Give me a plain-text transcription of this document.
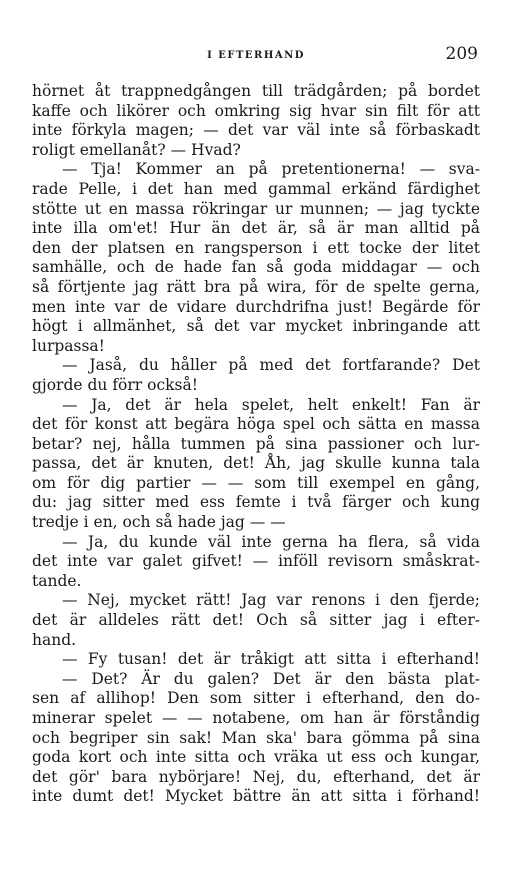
I EFTERHAND	209
hörnet åt trappnedgången till trädgården; på bordet
kaffe och likörer och omkring sig hvar sin filt för att
inte förkyla magen; — det var väl inte så förbaskadt
roligt emellanåt? — Hvad?
— Tja! Kommer an på pretentionerna! — sva-
rade Pelle, i det han med gammal erkänd färdighet
stötte ut en massa rökringar ur munnen; — jag tyckte
inte illa om'et! Hur än det är, så är man alltid på
den der platsen en rangsperson i ett tocke der litet
samhälle, och de hade fan så goda middagar — och
så förtjente jag rätt bra på wira, för de spelte gerna,
men inte var de vidare durchdrifna just! Begärde för
högt i allmänhet, så det var mycket inbringande att
lurpassa!
— Jaså, du håller på med det fortfarande? Det
gjorde du förr också!
— Ja, det är hela spelet, helt enkelt! Fan är
det för konst att begära höga spel och sätta en massa
betar? nej, hålla tummen på sina passioner och lur-
passa, det är knuten, det! Åh, jag skulle kunna tala
om för dig partier — — som till exempel en gång,
du: jag sitter med ess femte i två färger och kung
tredje i en, och så hade jag — —
— Ja, du kunde väl inte gerna ha flera, så vida
det inte var galet gifvet! — inföll revisorn småskrat-
tande.
— Nej, mycket rätt! Jag var renons i den fjerde;
det är alldeles rätt det! Och så sitter jag i efter-
hand.
— Fy tusan! det är tråkigt att sitta i efterhand!
— Det? Är du galen? Det är den bästa plat-
sen af allihop! Den som sitter i efterhand, den do-
minerar spelet — — notabene, om han är förståndig
och begriper sin sak! Man ska' bara gömma på sina
goda kort och inte sitta och vräka ut ess och kungar,
det gör' bara nybörjare! Nej, du, efterhand, det är
inte dumt det! Mycket bättre än att sitta i förhand!
